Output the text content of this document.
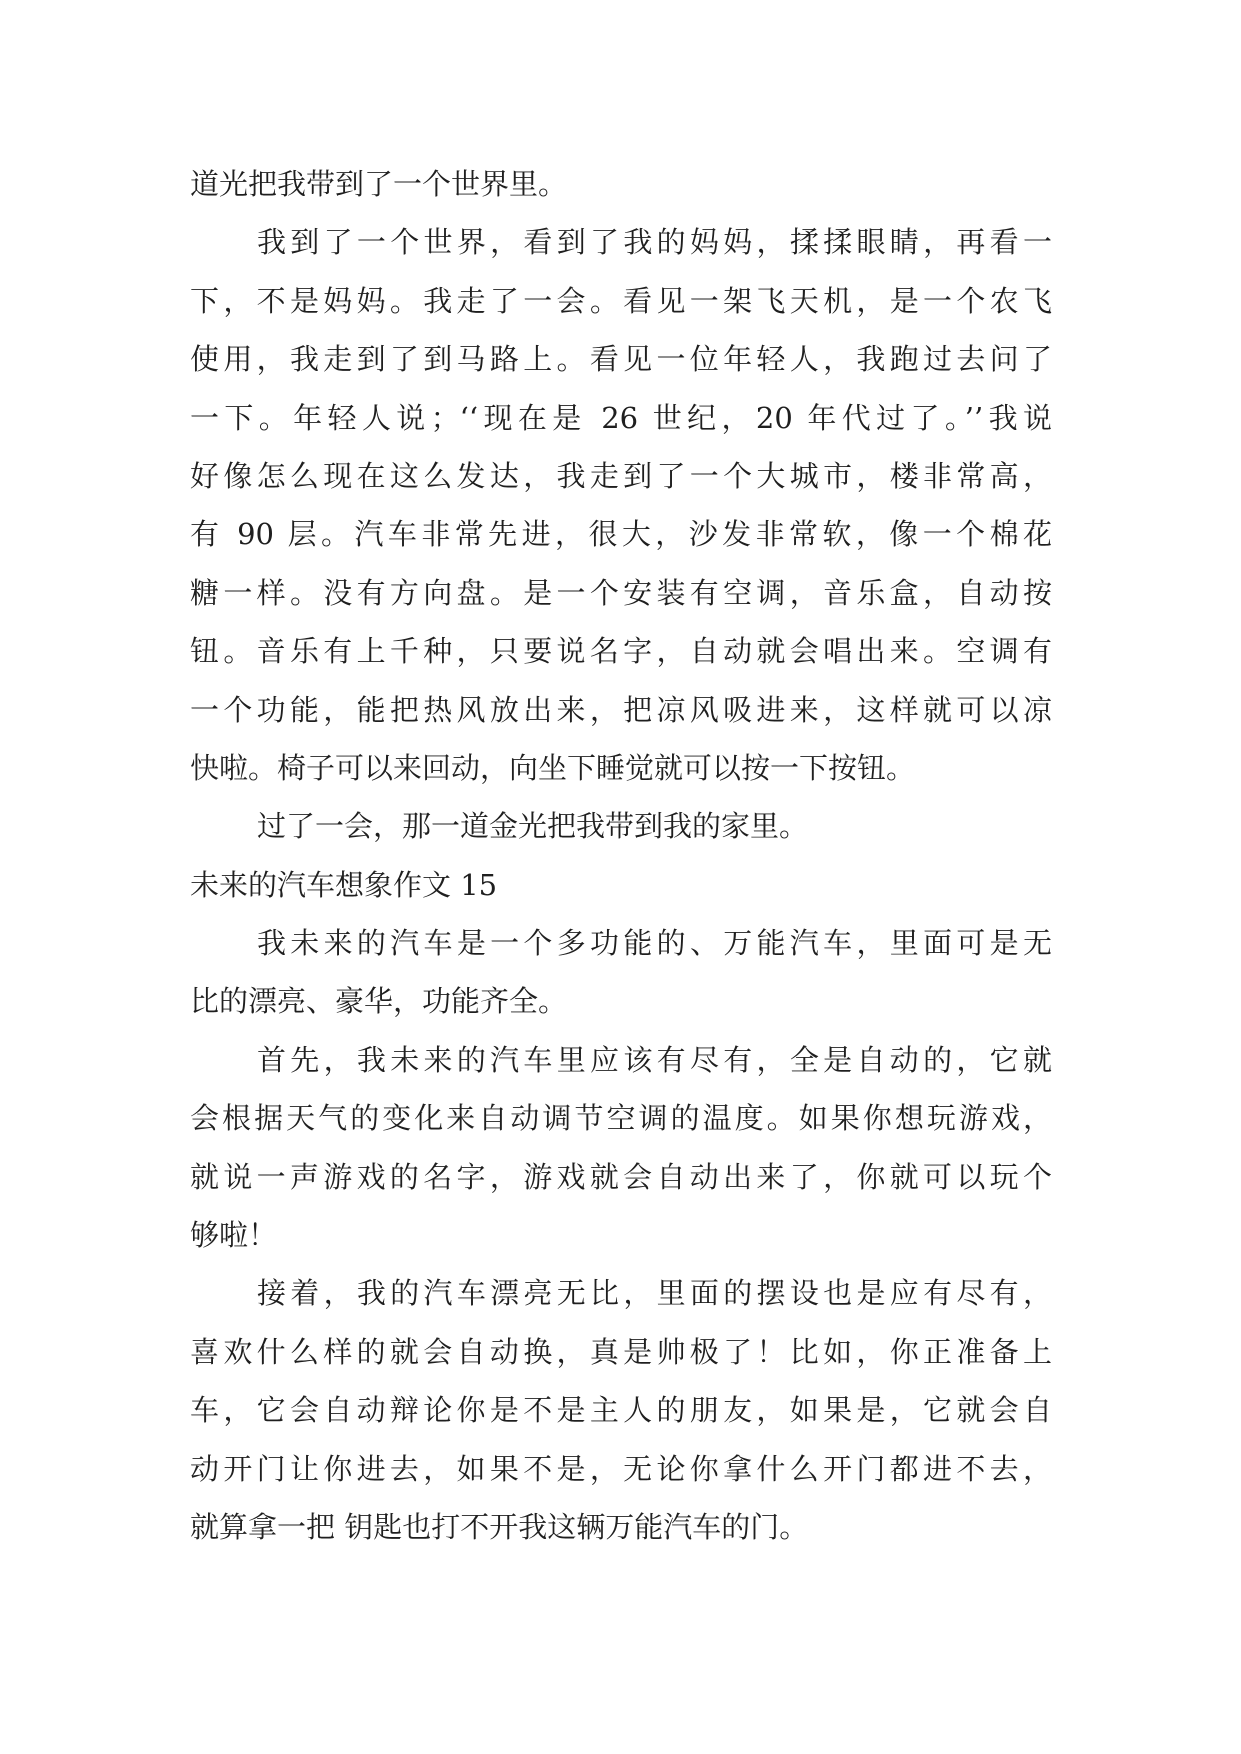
道光把我带到了一个世界里。
我到了一个世界，看到了我的妈妈，揉揉眼睛，再看一
下，不是妈妈。我走了一会。看见一架飞天机，是一个农飞
使用，我走到了到马路上。看见一位年轻人，我跑过去问了
一下。年轻人说；‘‘现在是 26 世纪，20 年代过了。’’我说
好像怎么现在这么发达，我走到了一个大城市，楼非常高，
有 90 层。汽车非常先进，很大，沙发非常软，像一个棉花
糖一样。没有方向盘。是一个安装有空调，音乐盒，自动按
钮。音乐有上千种，只要说名字，自动就会唱出来。空调有
一个功能，能把热风放出来，把凉风吸进来，这样就可以凉
快啦。椅子可以来回动，向坐下睡觉就可以按一下按钮。
过了一会，那一道金光把我带到我的家里。
未来的汽车想象作文 15
我未来的汽车是一个多功能的、万能汽车，里面可是无
比的漂亮、豪华，功能齐全。
首先，我未来的汽车里应该有尽有，全是自动的，它就
会根据天气的变化来自动调节空调的温度。如果你想玩游戏，
就说一声游戏的名字，游戏就会自动出来了，你就可以玩个
够啦！
接着，我的汽车漂亮无比，里面的摆设也是应有尽有，
喜欢什么样的就会自动换，真是帅极了！比如，你正准备上
车，它会自动辩论你是不是主人的朋友，如果是，它就会自
动开门让你进去，如果不是，无论你拿什么开门都进不去，
就算拿一把 钥匙也打不开我这辆万能汽车的门。
